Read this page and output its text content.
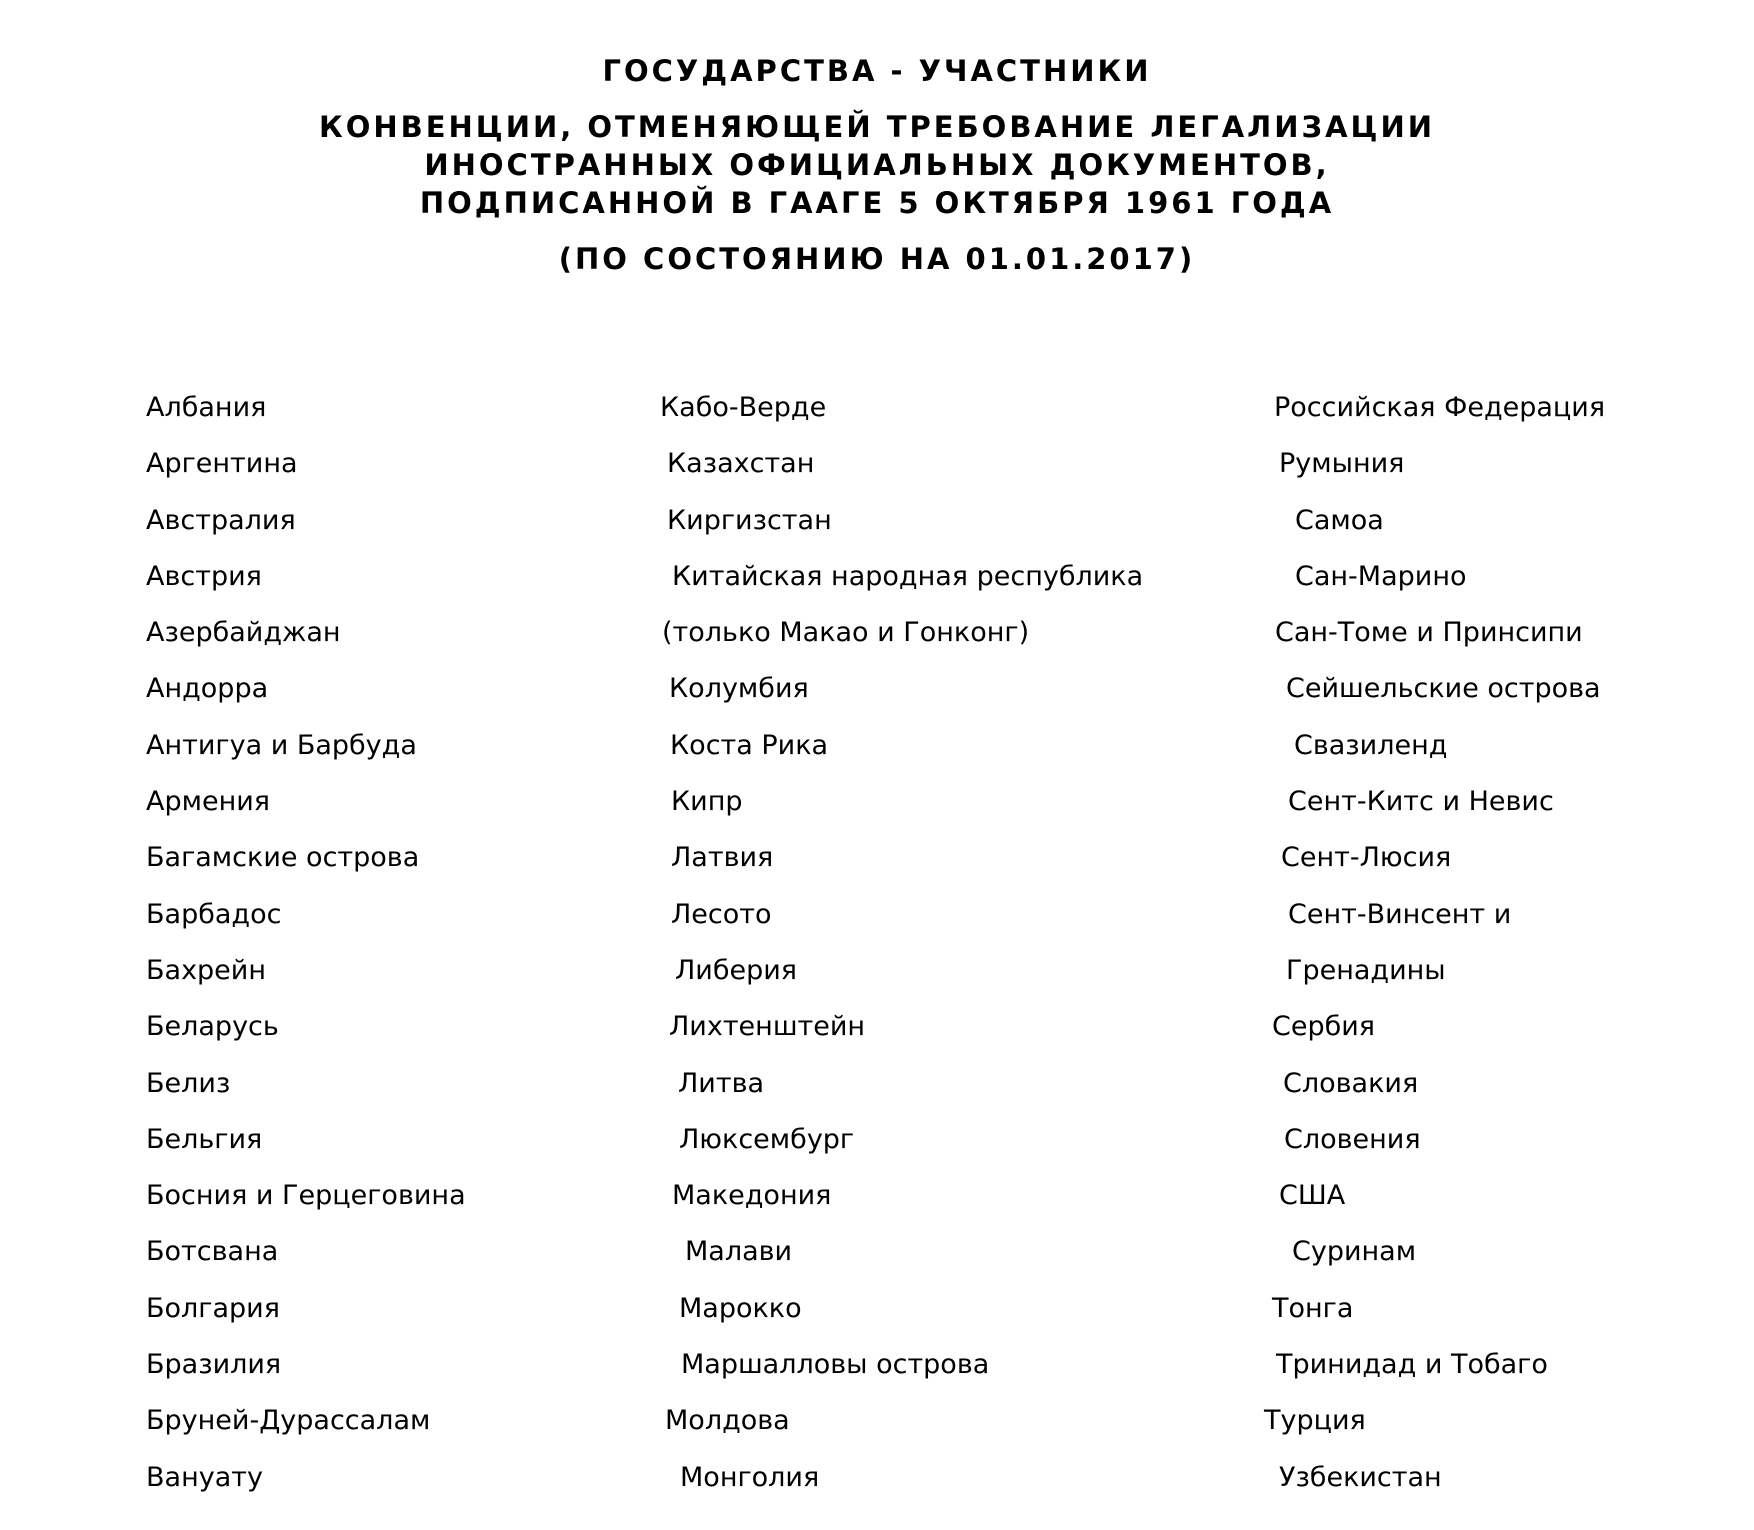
ГОСУДАРСТВА - УЧАСТНИКИ
КОНВЕНЦИИ, ОТМЕНЯЮЩЕЙ ТРЕБОВАНИЕ ЛЕГАЛИЗАЦИИ
ИНОСТРАННЫХ ОФИЦИАЛЬНЫХ ДОКУМЕНТОВ,
ПОДПИСАННОЙ В ГААГЕ 5 ОКТЯБРЯ 1961 ГОДА
(ПО СОСТОЯНИЮ НА 01.01.2017)
Албания
Аргентина
Австралия
Австрия
Азербайджан
Андорра
Антигуа и Барбуда
Армения
Багамские острова
Барбадос
Бахрейн
Беларусь
Белиз
Бельгия
Босния и Герцеговина
Ботсвана
Болгария
Бразилия
Бруней-Дурассалам
Вануату
Кабо-Верде
Казахстан
Киргизстан
Китайская народная республика
(только Макао и Гонконг)
Колумбия
Коста Рика
Кипр
Латвия
Лесото
Либерия
Лихтенштейн
Литва
Люксембург
Македония
Малави
Марокко
Маршалловы острова
Молдова
Монголия
Российская Федерация
Румыния
Самоа
Сан-Марино
Сан-Томе и Принсипи
Сейшельские острова
Свазиленд
Сент-Китс и Невис
Сент-Люсия
Сент-Винсент и
Гренадины
Сербия
Словакия
Словения
США
Суринам
Тонга
Тринидад и Тобаго
Турция
Узбекистан
